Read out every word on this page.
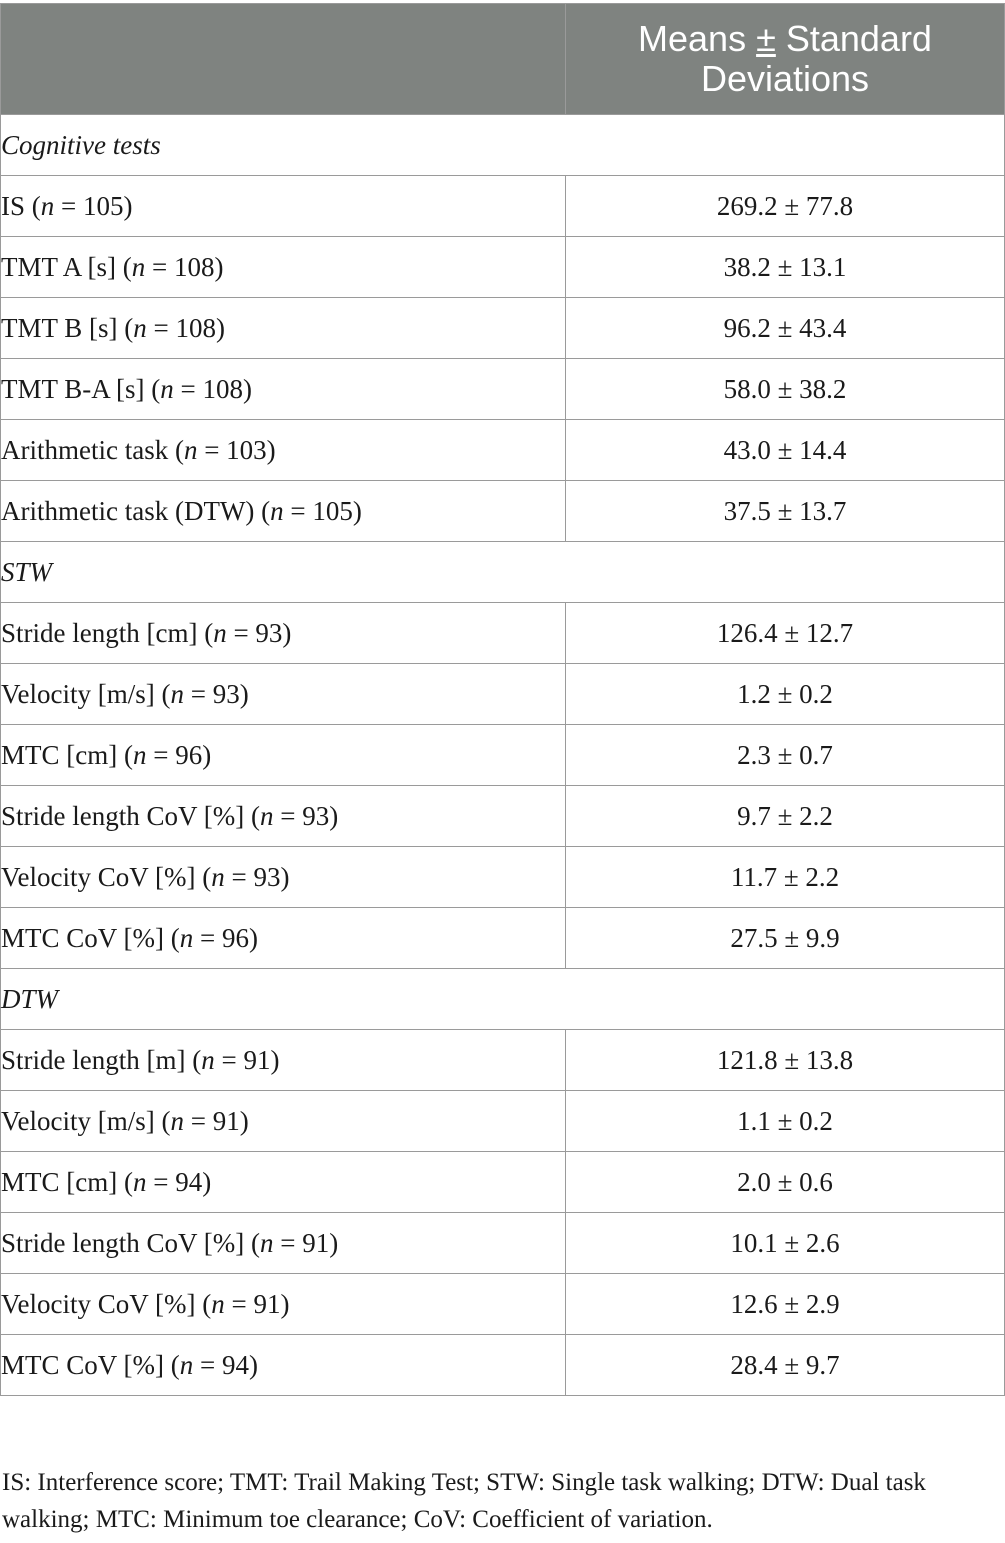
	Means ± Standard Deviations
Cognitive tests	
IS (n = 105)	269.2 ± 77.8
TMT A [s] (n = 108)	38.2 ± 13.1
TMT B [s] (n = 108)	96.2 ± 43.4
TMT B-A [s] (n = 108)	58.0 ± 38.2
Arithmetic task (n = 103)	43.0 ± 14.4
Arithmetic task (DTW) (n = 105)	37.5 ± 13.7
STW	
Stride length [cm] (n = 93)	126.4 ± 12.7
Velocity [m/s] (n = 93)	1.2 ± 0.2
MTC [cm] (n = 96)	2.3 ± 0.7
Stride length CoV [%] (n = 93)	9.7 ± 2.2
Velocity CoV [%] (n = 93)	11.7 ± 2.2
MTC CoV [%] (n = 96)	27.5 ± 9.9
DTW	
Stride length [m] (n = 91)	121.8 ± 13.8
Velocity [m/s] (n = 91)	1.1 ± 0.2
MTC [cm] (n = 94)	2.0 ± 0.6
Stride length CoV [%] (n = 91)	10.1 ± 2.6
Velocity CoV [%] (n = 91)	12.6 ± 2.9
MTC CoV [%] (n = 94)	28.4 ± 9.7
IS: Interference score; TMT: Trail Making Test; STW: Single task walking; DTW: Dual task walking; MTC: Minimum toe clearance; CoV: Coefficient of variation.
